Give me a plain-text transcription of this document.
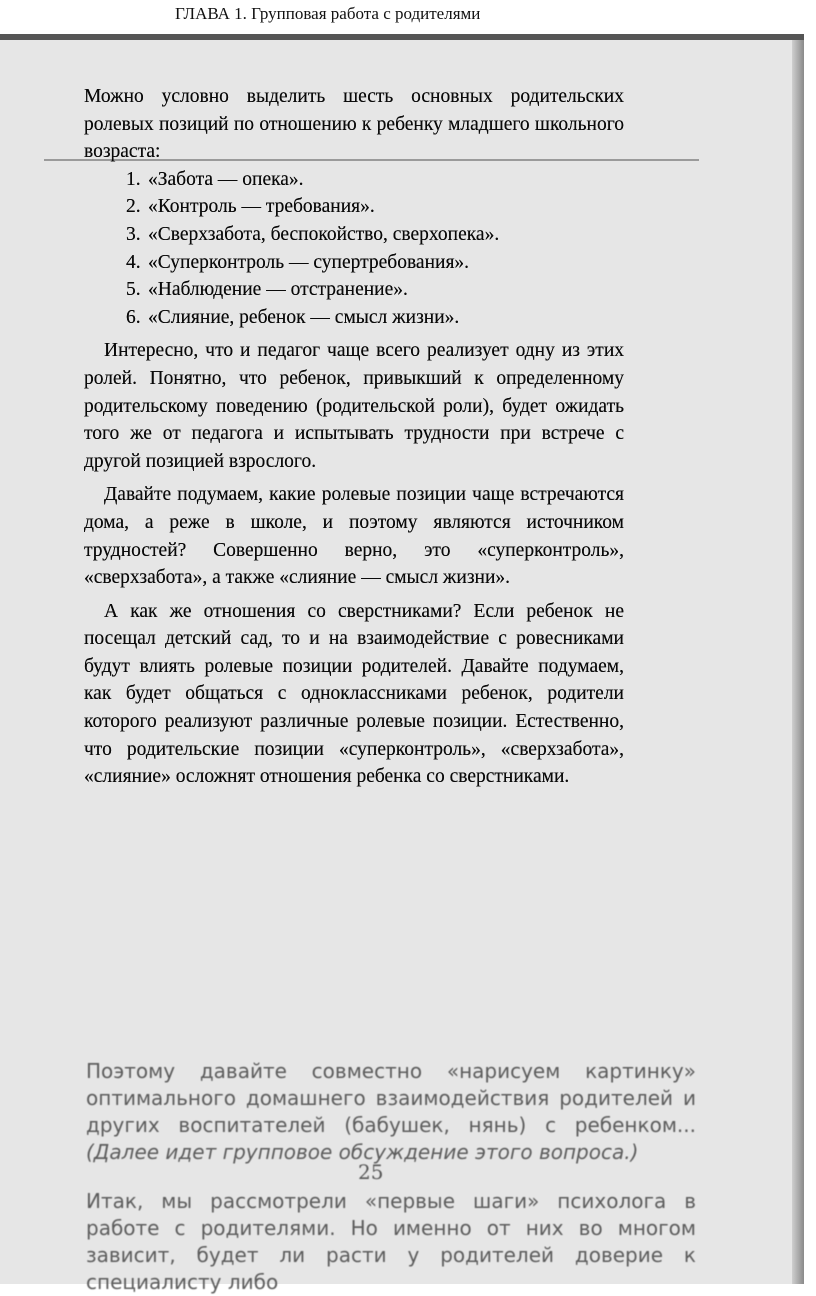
ГЛАВА 1. Групповая работа с родителями

Поэтому давайте совместно «нарисуем картинку» оптимального домашнего взаимодействия родителей и других воспитателей (бабушек, нянь) с ребенком... (Далее идет групповое обсуждение этого вопроса.)

Итак, мы рассмотрели «первые шаги» психолога в работе с родителями. Но именно от них во многом зависит, будет ли расти у родителей доверие к специалисту либо

25

Можно условно выделить шесть основных родительских ролевых позиций по отношению к ребенку младшего школьного возраста:

1. «Забота — опека».
2. «Контроль — требования».
3. «Сверхзабота, беспокойство, сверхопека».
4. «Суперконтроль — супертребования».
5. «Наблюдение — отстранение».
6. «Слияние, ребенок — смысл жизни».

Интересно, что и педагог чаще всего реализует одну из этих ролей. Понятно, что ребенок, привыкший к определенному родительскому поведению (родительской роли), будет ожидать того же от педагога и испытывать трудности при встрече с другой позицией взрослого.

Давайте подумаем, какие ролевые позиции чаще встречаются дома, а реже в школе, и поэтому являются источником трудностей? Совершенно верно, это «суперконтроль», «сверхзабота», а также «слияние — смысл жизни».

А как же отношения со сверстниками? Если ребенок не посещал детский сад, то и на взаимодействие с ровесниками будут влиять ролевые позиции родителей. Давайте подумаем, как будет общаться с одноклассниками ребенок, родители которого реализуют различные ролевые позиции. Естественно, что родительские позиции «суперконтроль», «сверхзабота», «слияние» осложнят отношения ребенка со сверстниками.
